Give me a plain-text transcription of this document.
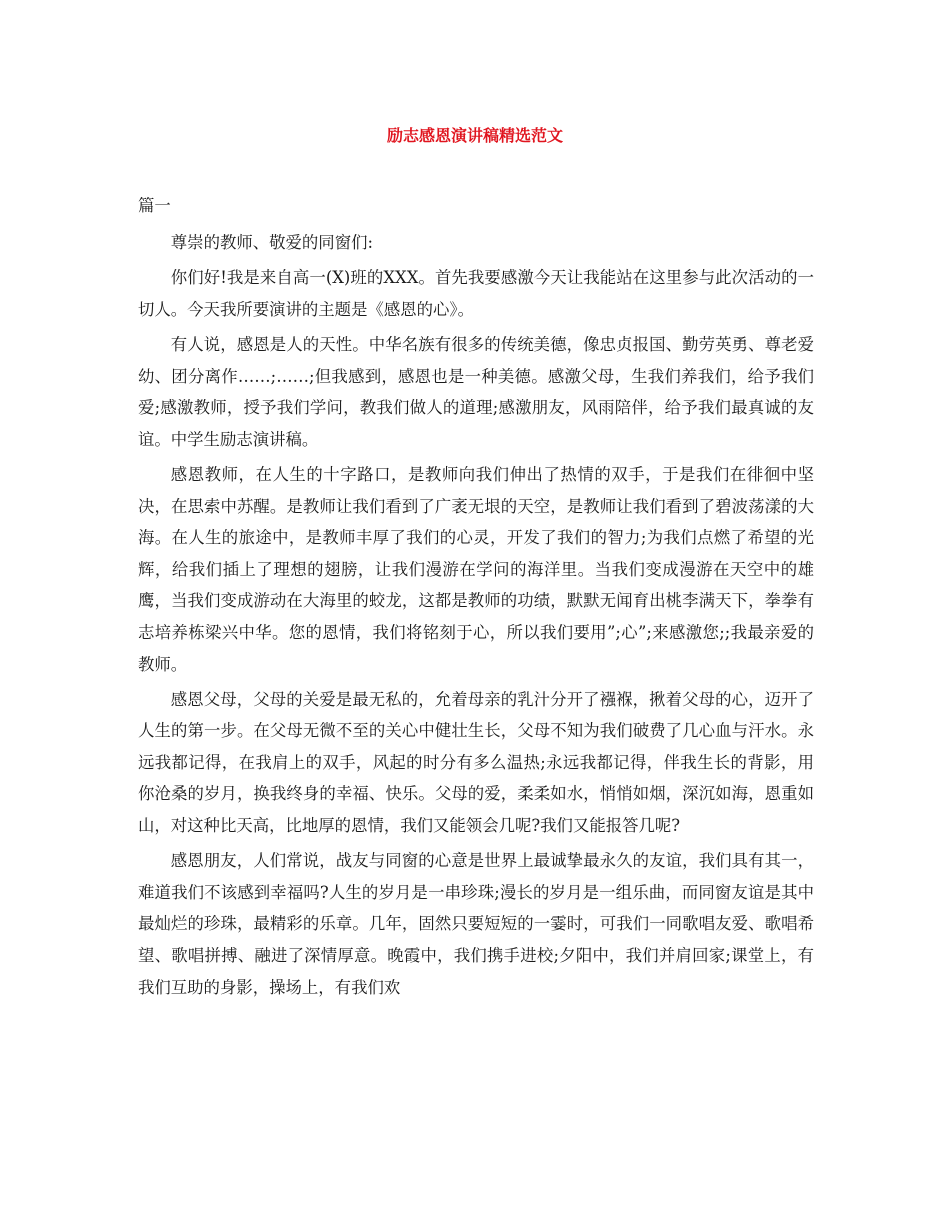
励志感恩演讲稿精选范文
篇一

尊崇的教师、敬爱的同窗们:

你们好!我是来自高一(X)班的XXX。首先我要感激今天让我能站在这里参与此次活动的一切人。今天我所要演讲的主题是《感恩的心》。

有人说，感恩是人的天性。中华名族有很多的传统美德，像忠贞报国、勤劳英勇、尊老爱幼、团分离作……;……;但我感到，感恩也是一种美德。感激父母，生我们养我们，给予我们爱;感激教师，授予我们学问，教我们做人的道理;感激朋友，风雨陪伴，给予我们最真诚的友谊。中学生励志演讲稿。

感恩教师，在人生的十字路口，是教师向我们伸出了热情的双手，于是我们在徘徊中坚决，在思索中苏醒。是教师让我们看到了广袤无垠的天空，是教师让我们看到了碧波荡漾的大海。在人生的旅途中，是教师丰厚了我们的心灵，开发了我们的智力;为我们点燃了希望的光辉，给我们插上了理想的翅膀，让我们漫游在学问的海洋里。当我们变成漫游在天空中的雄鹰，当我们变成游动在大海里的蛟龙，这都是教师的功绩，默默无闻育出桃李满天下，拳拳有志培养栋梁兴中华。您的恩情，我们将铭刻于心，所以我们要用”;心”;来感激您;;我最亲爱的教师。

感恩父母，父母的关爱是最无私的，允着母亲的乳汁分开了襁褓，揪着父母的心，迈开了人生的第一步。在父母无微不至的关心中健壮生长，父母不知为我们破费了几心血与汗水。永远我都记得，在我肩上的双手，风起的时分有多么温热;永远我都记得，伴我生长的背影，用你沧桑的岁月，换我终身的幸福、快乐。父母的爱，柔柔如水，悄悄如烟，深沉如海，恩重如山，对这种比天高，比地厚的恩情，我们又能领会几呢?我们又能报答几呢?

感恩朋友，人们常说，战友与同窗的心意是世界上最诚挚最永久的友谊，我们具有其一，难道我们不该感到幸福吗?人生的岁月是一串珍珠;漫长的岁月是一组乐曲，而同窗友谊是其中最灿烂的珍珠，最精彩的乐章。几年，固然只要短短的一霎时，可我们一同歌唱友爱、歌唱希望、歌唱拼搏、融进了深情厚意。晚霞中，我们携手进校;夕阳中，我们并肩回家;课堂上，有我们互助的身影，操场上，有我们欢
